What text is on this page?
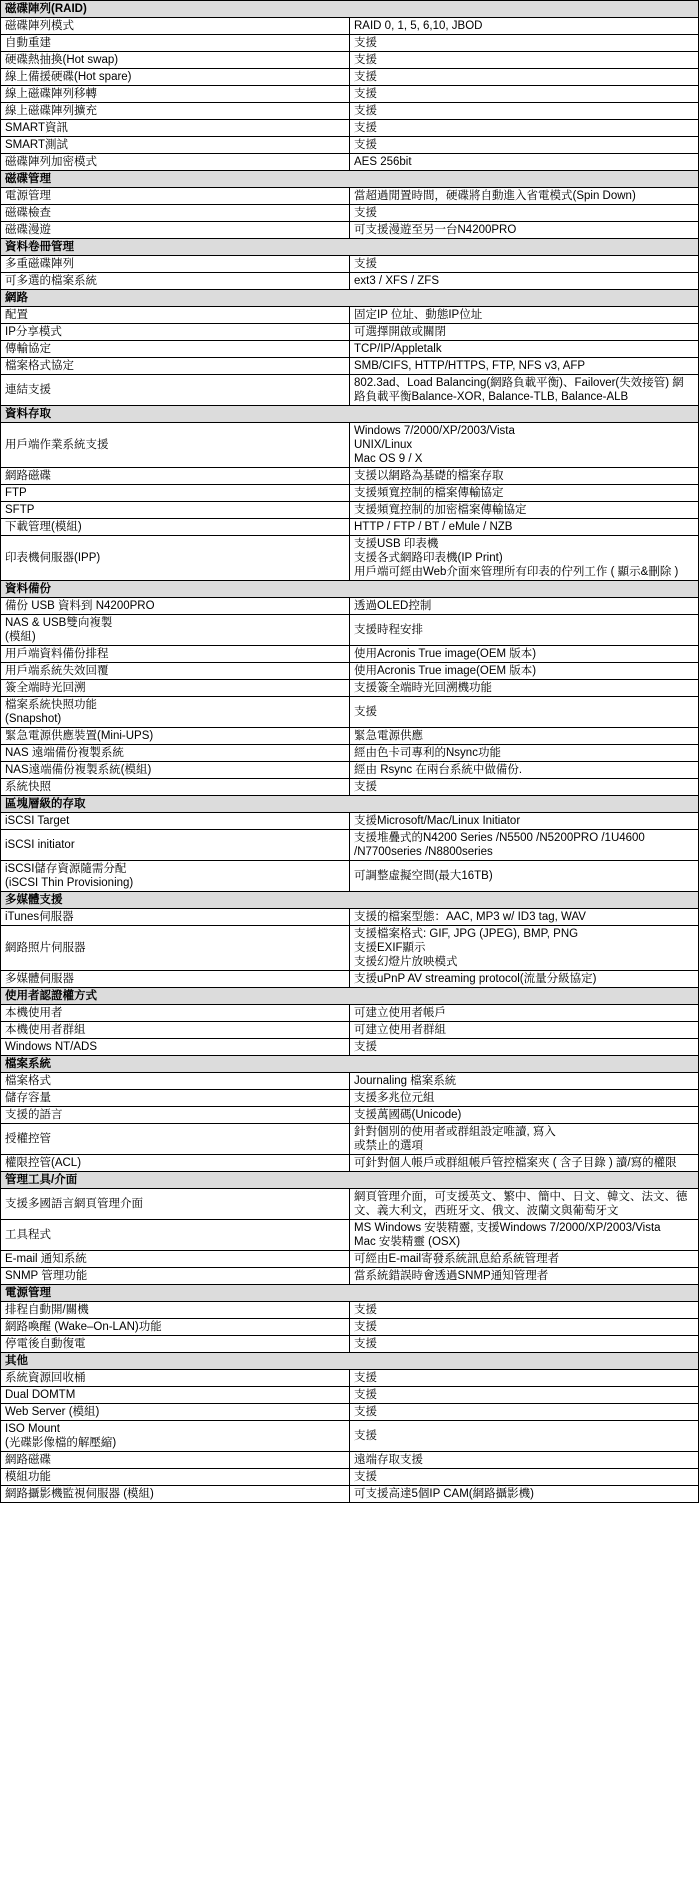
磁碟陣列(RAID)	
磁碟陣列模式	RAID 0, 1, 5, 6,10, JBOD
自動重建	支援
硬碟熱抽換(Hot swap)	支援
線上備援硬碟(Hot spare)	支援
線上磁碟陣列移轉	支援
線上磁碟陣列擴充	支援
SMART資訊	支援
SMART測試	支援
磁碟陣列加密模式	AES 256bit
磁碟管理	
電源管理	當超過閒置時間，硬碟將自動進入省電模式(Spin Down)
磁碟檢查	支援
磁碟漫遊	可支援漫遊至另一台N4200PRO
資料卷冊管理	
多重磁碟陣列	支援
可多選的檔案系統	ext3 / XFS / ZFS
網路	
配置	固定IP 位址、動態IP位址
IP分享模式	可選擇開啟或關閉
傳輸協定	TCP/IP/Appletalk
檔案格式協定	SMB/CIFS, HTTP/HTTPS, FTP, NFS v3, AFP
連結支援	802.3ad、Load Balancing(網路負載平衡)、Failover(失效接管) 網路負載平衡Balance-XOR, Balance-TLB, Balance-ALB
資料存取	
用戶端作業系統支援	Windows 7/2000/XP/2003/Vista
UNIX/Linux
Mac OS 9 / X
網路磁碟	支援以網路為基礎的檔案存取
FTP	支援頻寬控制的檔案傳輸協定
SFTP	支援頻寬控制的加密檔案傳輸協定
下載管理(模組)	HTTP / FTP / BT / eMule / NZB
印表機伺服器(IPP)	支援USB 印表機
支援各式網路印表機(IP Print)
用戶端可經由Web介面來管理所有印表的佇列工作 ( 顯示&刪除 )
資料備份	
備份 USB 資料到 N4200PRO	透過OLED控制
NAS & USB雙向複製
(模組)	支援時程安排
用戶端資料備份排程	使用Acronis True image(OEM 版本)
用戶端系統失效回覆	使用Acronis True image(OEM 版本)
簽全端時光回溯	支援簽全端時光回溯機功能
檔案系統快照功能
(Snapshot)	支援
緊急電源供應裝置(Mini-UPS)	緊急電源供應
NAS 遠端備份複製系統	經由色卡司專利的Nsync功能
NAS遠端備份複製系統(模組)	經由 Rsync 在兩台系統中做備份.
系統快照	支援
區塊層級的存取	
iSCSI Target	支援Microsoft/Mac/Linux Initiator
iSCSI initiator	支援堆疊式的N4200 Series /N5500 /N5200PRO /1U4600 /N7700series /N8800series
iSCSI儲存資源隨需分配
(iSCSI Thin Provisioning)	可調整虛擬空間(最大16TB)
多媒體支援	
iTunes伺服器	支援的檔案型態：AAC, MP3 w/ ID3 tag, WAV
網路照片伺服器	支援檔案格式: GIF, JPG (JPEG), BMP, PNG
支援EXIF顯示
支援幻燈片放映模式
多媒體伺服器	支援uPnP AV streaming protocol(流量分級協定)
使用者認證權方式	
本機使用者	可建立使用者帳戶
本機使用者群組	可建立使用者群組
Windows NT/ADS	支援
檔案系統	
檔案格式	Journaling 檔案系統
儲存容量	支援多兆位元組
支援的語言	支援萬國碼(Unicode)
授權控管	針對個別的使用者或群組設定唯讀, 寫入
或禁止的選項
權限控管(ACL)	可針對個人帳戶或群組帳戶管控檔案夾 ( 含子目錄 ) 讀/寫的權限
管理工具/介面	
支援多國語言網頁管理介面	網頁管理介面，可支援英文、繁中、簡中、日文、韓文、法文、德文、義大利文，西班牙文、俄文、波蘭文與葡萄牙文
工具程式	MS Windows 安裝精靈, 支援Windows 7/2000/XP/2003/Vista
Mac 安裝精靈 (OSX)
E-mail 通知系統	可經由E-mail寄發系統訊息給系統管理者
SNMP 管理功能	當系統錯誤時會透過SNMP通知管理者
電源管理	
排程自動開/關機	支援
網路喚醒 (Wake–On-LAN)功能	支援
停電後自動復電	支援
其他	
系統資源回收桶	支援
Dual DOMTM	支援
Web Server (模組)	支援
ISO Mount
(光碟影像檔的解壓縮)	支援
網路磁碟	遠端存取支援
模組功能	支援
網路攝影機監視伺服器 (模組)	可支援高達5個IP CAM(網路攝影機)
